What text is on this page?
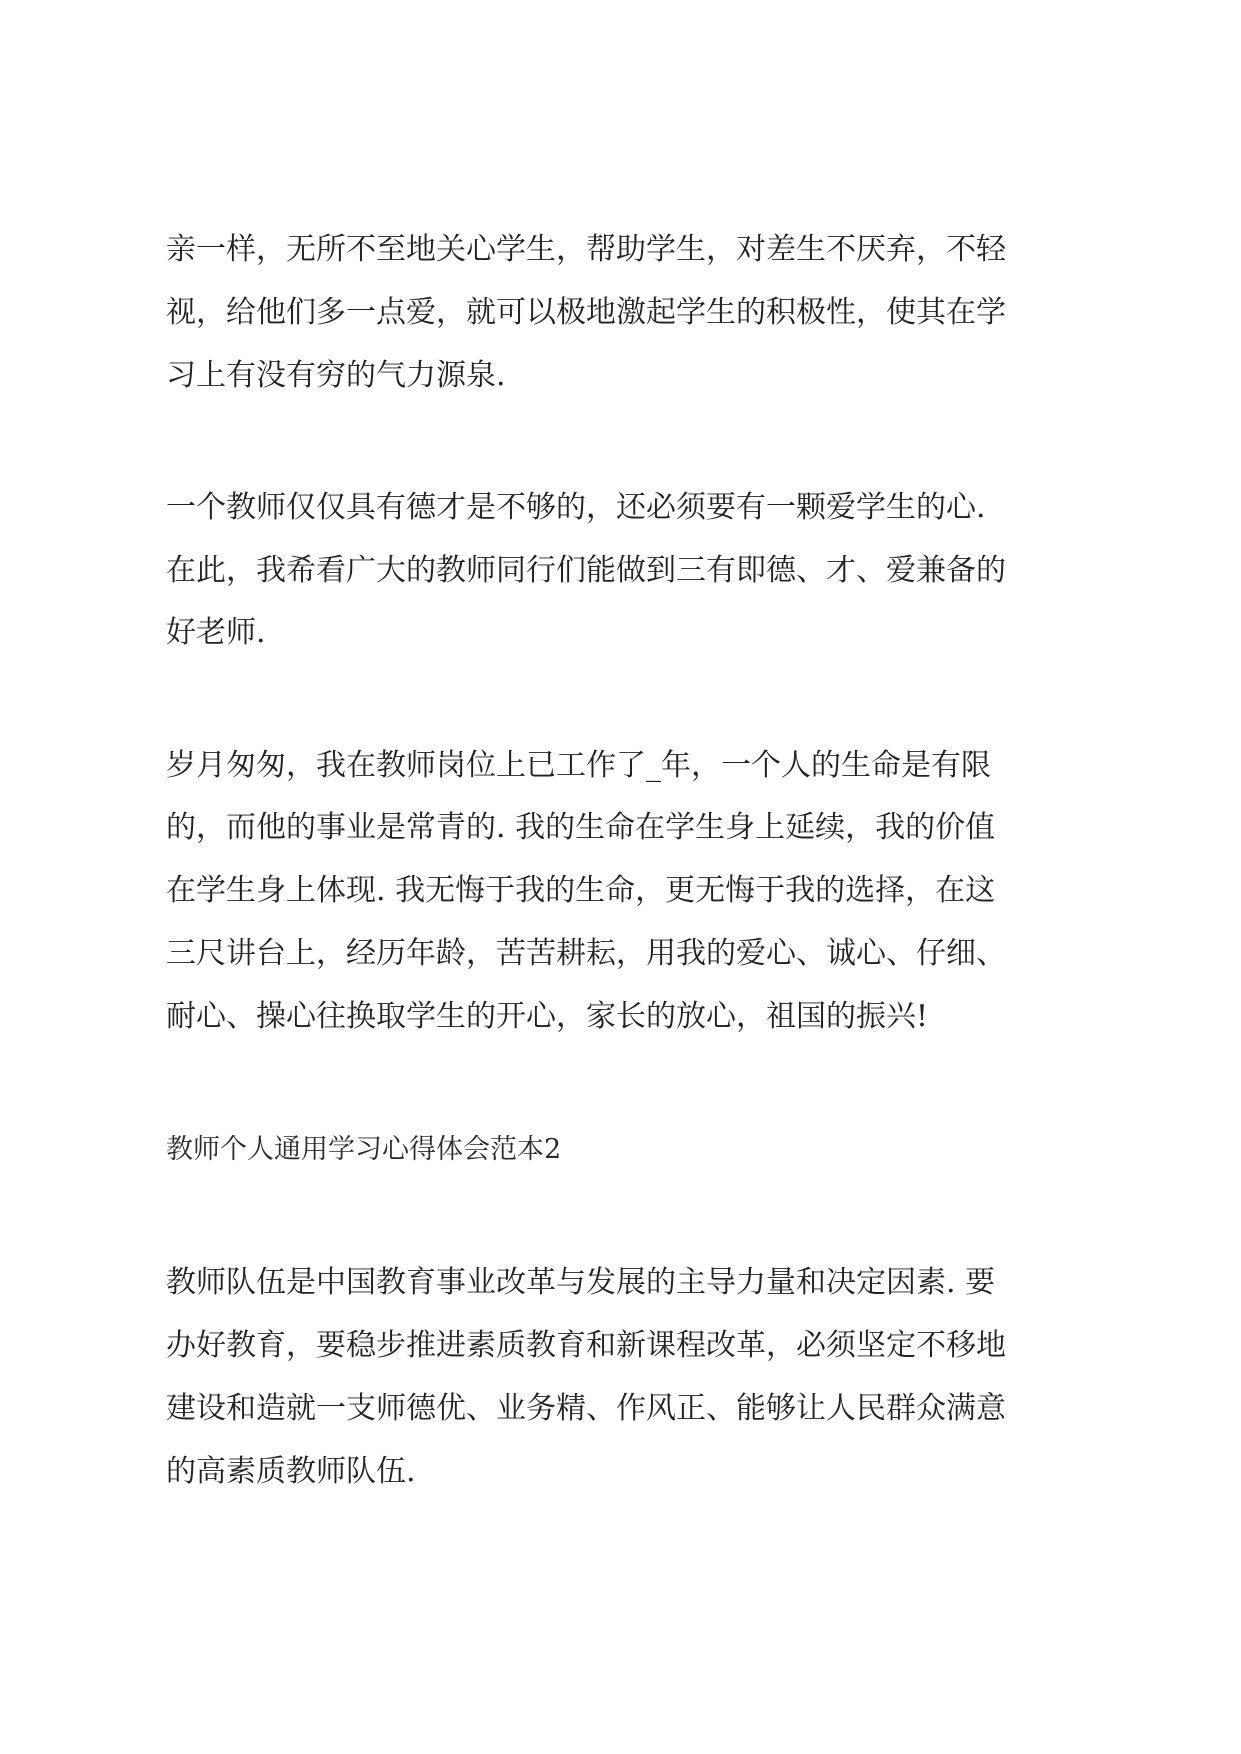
亲一样，无所不至地关心学生，帮助学生，对差生不厌弃，不轻
视，给他们多一点爱，就可以极地激起学生的积极性，使其在学
习上有没有穷的气力源泉.
一个教师仅仅具有德才是不够的，还必须要有一颗爱学生的心.
在此，我希看广大的教师同行们能做到三有即德、才、爱兼备的
好老师.
岁月匆匆，我在教师岗位上已工作了_年，一个人的生命是有限
的，而他的事业是常青的. 我的生命在学生身上延续，我的价值
在学生身上体现. 我无悔于我的生命，更无悔于我的选择，在这
三尺讲台上，经历年龄，苦苦耕耘，用我的爱心、诚心、仔细、
耐心、操心往换取学生的开心，家长的放心，祖国的振兴!
教师个人通用学习心得体会范本2
教师队伍是中国教育事业改革与发展的主导力量和决定因素. 要
办好教育，要稳步推进素质教育和新课程改革，必须坚定不移地
建设和造就一支师德优、业务精、作风正、能够让人民群众满意
的高素质教师队伍.
